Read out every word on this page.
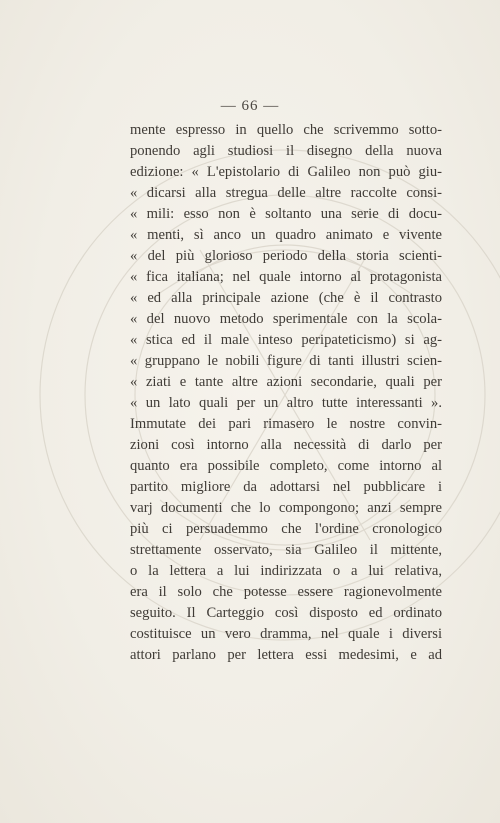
— 66 —
mente espresso in quello che scrivemmo sotto-
ponendo agli studiosi il disegno della nuova
edizione: « L'epistolario di Galileo non può giu-
« dicarsi alla stregua delle altre raccolte consi-
« mili: esso non è soltanto una serie di docu-
« menti, sì anco un quadro animato e vivente
« del più glorioso periodo della storia scienti-
« fica italiana; nel quale intorno al protagonista
« ed alla principale azione (che è il contrasto
« del nuovo metodo sperimentale con la scola-
« stica ed il male inteso peripateticismo) si ag-
« gruppano le nobili figure di tanti illustri scien-
« ziati e tante altre azioni secondarie, quali per
« un lato quali per un altro tutte interessanti ».
Immutate dei pari rimasero le nostre convin-
zioni così intorno alla necessità di darlo per
quanto era possibile completo, come intorno al
partito migliore da adottarsi nel pubblicare i
varj documenti che lo compongono; anzi sempre
più ci persuademmo che l'ordine cronologico
strettamente osservato, sia Galileo il mittente,
o la lettera a lui indirizzata o a lui relativa,
era il solo che potesse essere ragionevolmente
seguito. Il Carteggio così disposto ed ordinato
costituisce un vero dramma, nel quale i diversi
attori parlano per lettera essi medesimi, e ad
